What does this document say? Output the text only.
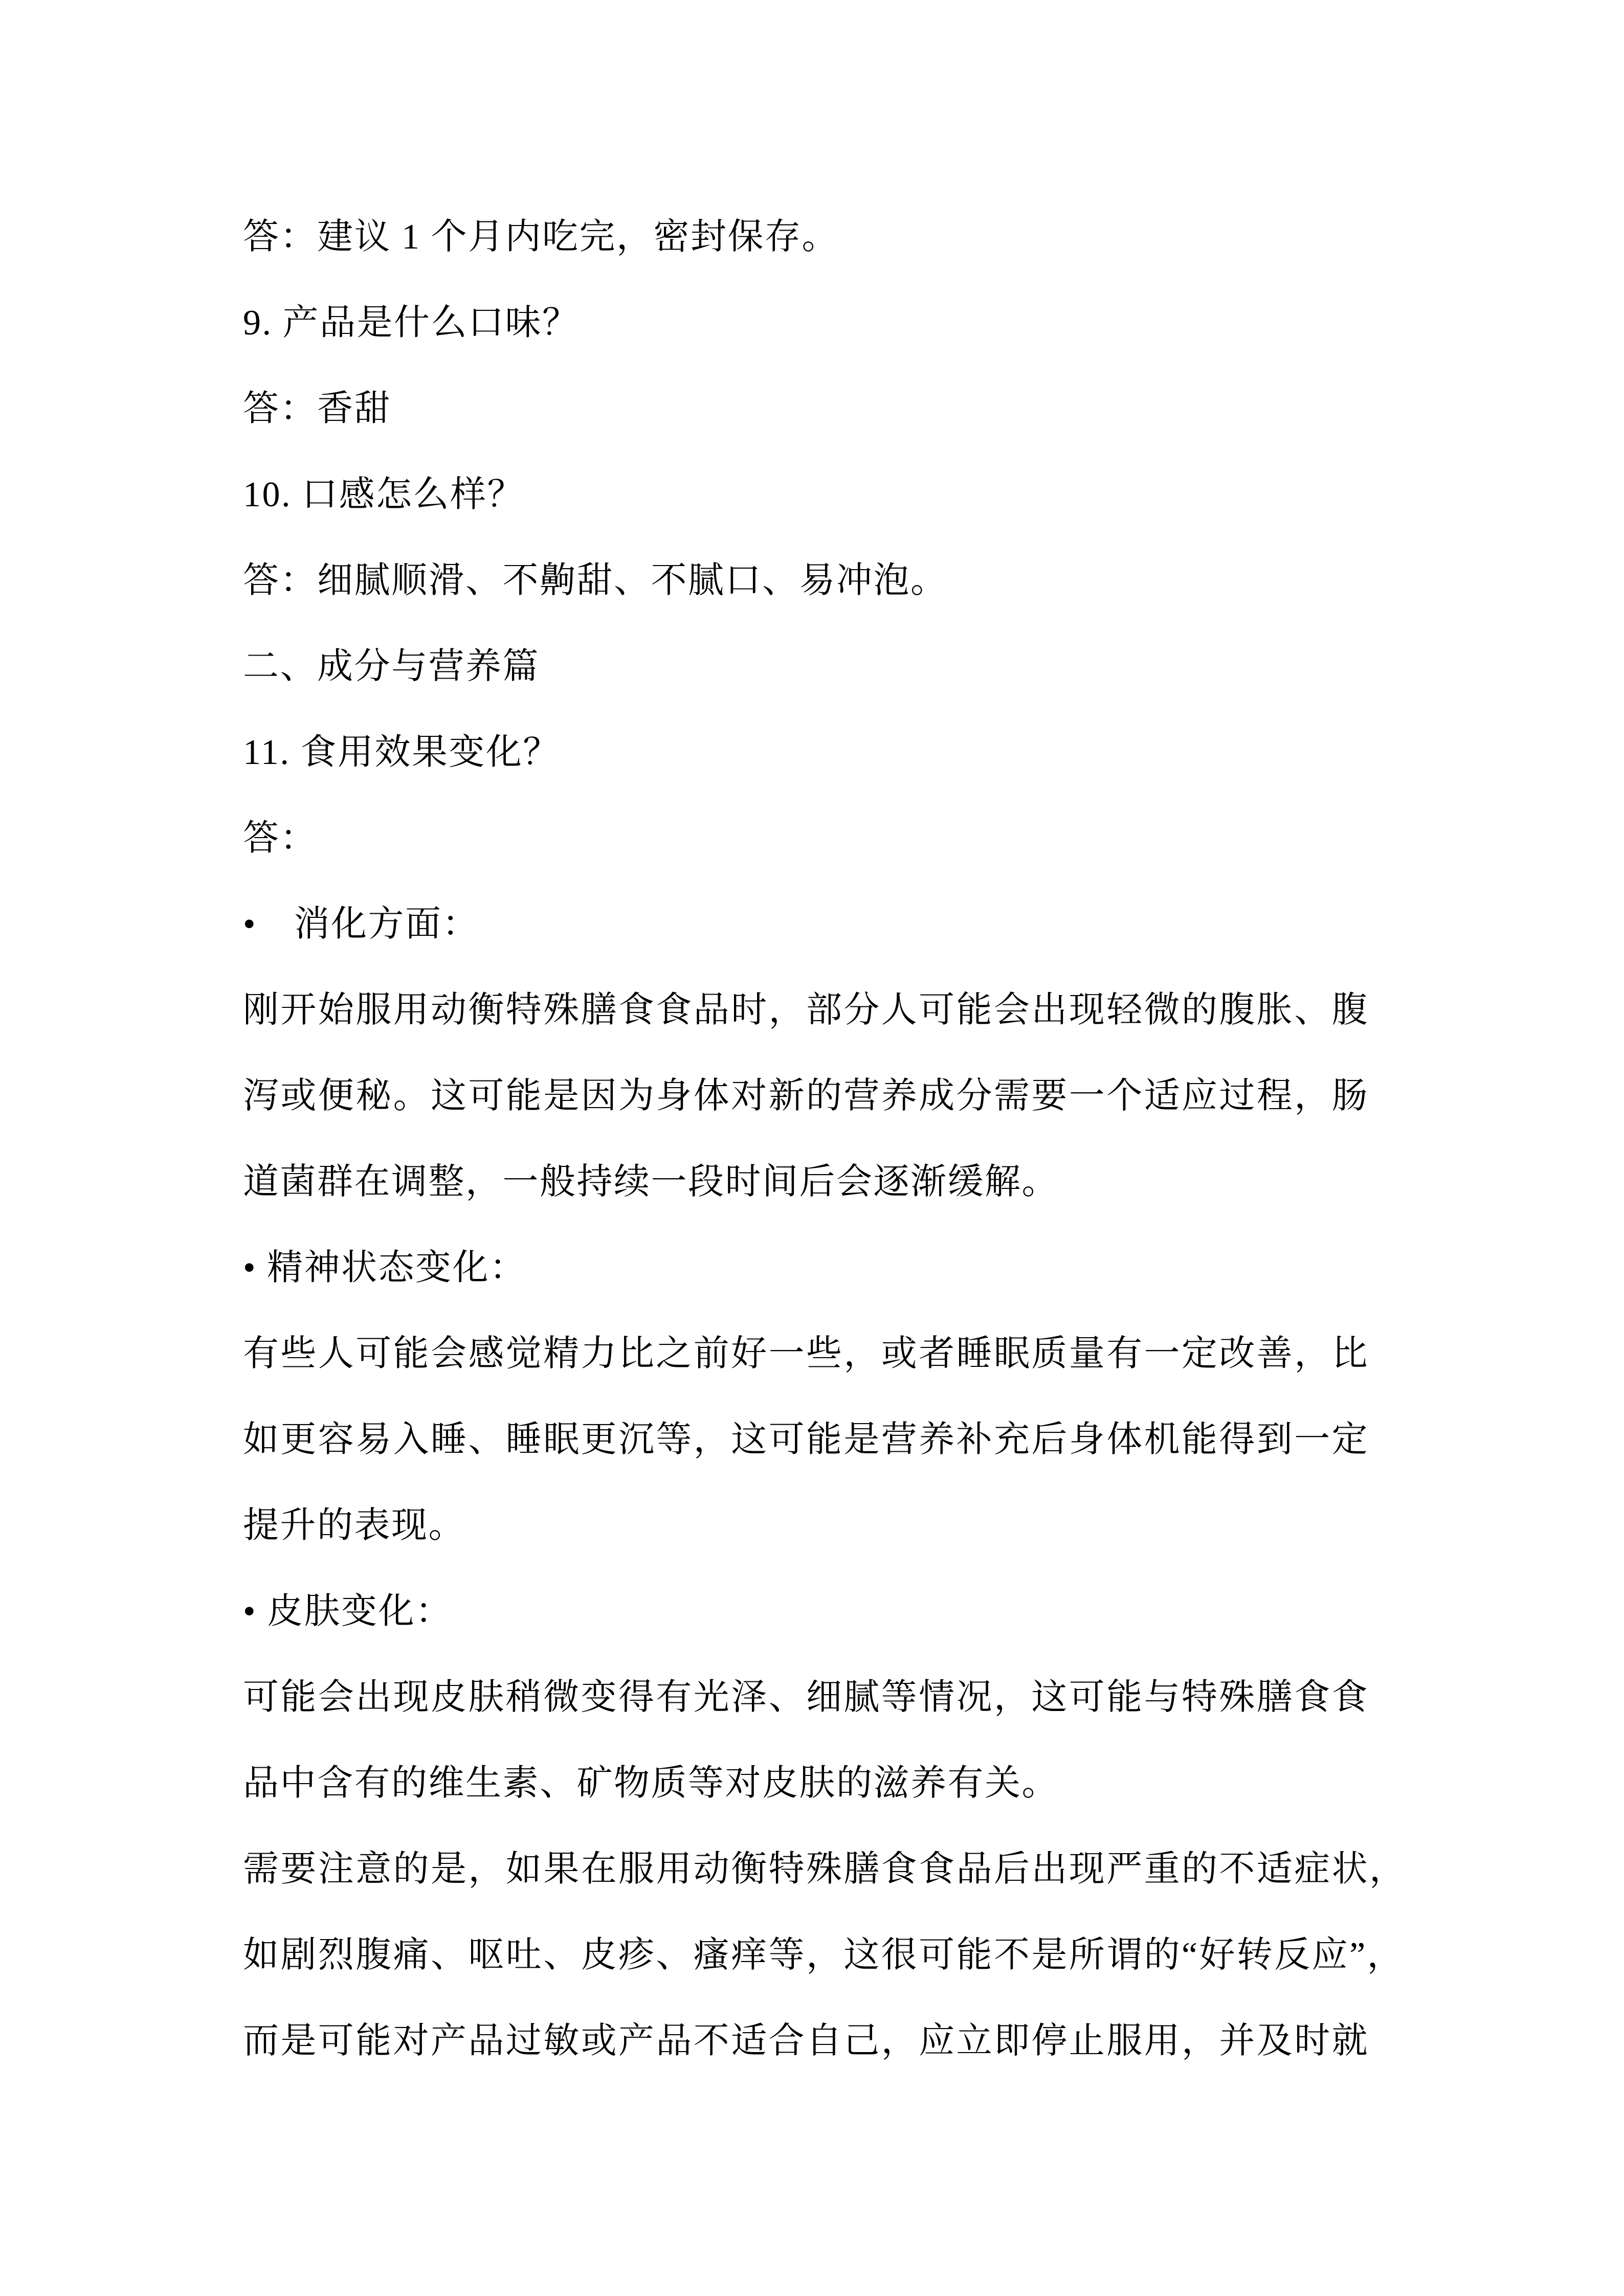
答：建议 1 个月内吃完，密封保存。
9. 产品是什么口味？
答：香甜
10. 口感怎么样？
答：细腻顺滑、不齁甜、不腻口、易冲泡。
二、成分与营养篇
11. 食用效果变化？
答：
•　消化方面：
刚开始服用动衡特殊膳食食品时，部分人可能会出现轻微的腹胀、腹
泻或便秘。这可能是因为身体对新的营养成分需要一个适应过程，肠
道菌群在调整，一般持续一段时间后会逐渐缓解。
• 精神状态变化：
有些人可能会感觉精力比之前好一些，或者睡眠质量有一定改善，比
如更容易入睡、睡眠更沉等，这可能是营养补充后身体机能得到一定
提升的表现。
• 皮肤变化：
可能会出现皮肤稍微变得有光泽、细腻等情况，这可能与特殊膳食食
品中含有的维生素、矿物质等对皮肤的滋养有关。
需要注意的是，如果在服用动衡特殊膳食食品后出现严重的不适症状，
如剧烈腹痛、呕吐、皮疹、瘙痒等，这很可能不是所谓的“好转反应”，
而是可能对产品过敏或产品不适合自己，应立即停止服用，并及时就
